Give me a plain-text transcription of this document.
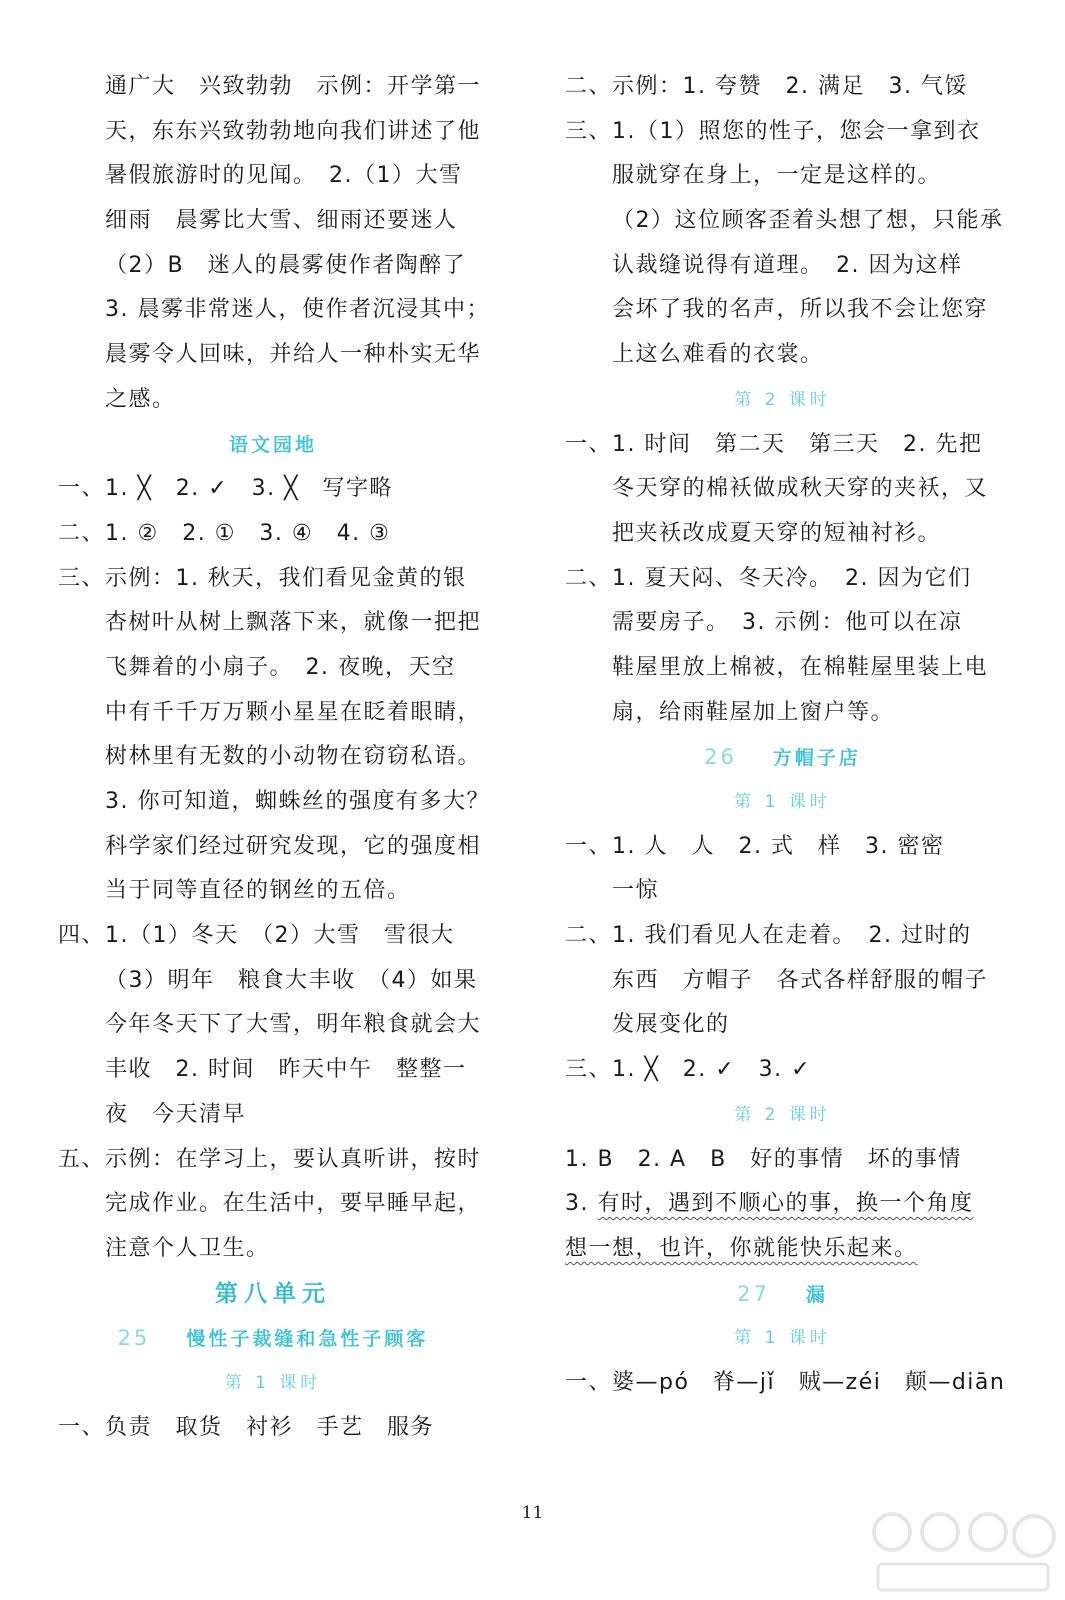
通广大　兴致勃勃　示例：开学第一
天，东东兴致勃勃地向我们讲述了他
暑假旅游时的见闻。　2.（1）大雪
细雨　晨雾比大雪、细雨还要迷人
（2）B　迷人的晨雾使作者陶醉了
3. 晨雾非常迷人，使作者沉浸其中；
晨雾令人回味，并给人一种朴实无华
之感。
语文园地
一、1. ╳　2. ✓　3. ╳　写字略
二、1. ②　2. ①　3. ④　4. ③
三、示例：1. 秋天，我们看见金黄的银
杏树叶从树上飘落下来，就像一把把
飞舞着的小扇子。　2. 夜晚，天空
中有千千万万颗小星星在眨着眼睛，
树林里有无数的小动物在窃窃私语。
3. 你可知道，蜘蛛丝的强度有多大？
科学家们经过研究发现，它的强度相
当于同等直径的钢丝的五倍。
四、1.（1）冬天　（2）大雪　雪很大
（3）明年　粮食大丰收　（4）如果
今年冬天下了大雪，明年粮食就会大
丰收　2. 时间　昨天中午　整整一
夜　今天清早
五、示例：在学习上，要认真听讲，按时
完成作业。在生活中，要早睡早起，
注意个人卫生。
第八单元
25 慢性子裁缝和急性子顾客
第 1 课时
一、负责　取货　衬衫　手艺　服务
二、示例：1. 夸赞　2. 满足　3. 气馁
三、1.（1）照您的性子，您会一拿到衣
服就穿在身上，一定是这样的。
（2）这位顾客歪着头想了想，只能承
认裁缝说得有道理。　2. 因为这样
会坏了我的名声，所以我不会让您穿
上这么难看的衣裳。
第 2 课时
一、1. 时间　第二天　第三天　2. 先把
冬天穿的棉袄做成秋天穿的夹袄，又
把夹袄改成夏天穿的短袖衬衫。
二、1. 夏天闷、冬天冷。　2. 因为它们
需要房子。　3. 示例：他可以在凉
鞋屋里放上棉被，在棉鞋屋里装上电
扇，给雨鞋屋加上窗户等。
26 方帽子店
第 1 课时
一、1. 人　人　2. 式　样　3. 密密
一惊
二、1. 我们看见人在走着。　2. 过时的
东西　方帽子　各式各样舒服的帽子
发展变化的
三、1. ╳　2. ✓　3. ✓
第 2 课时
1. B　2. A　B　好的事情　坏的事情
3. 有时，遇到不顺心的事，换一个角度
想一想，也许，你就能快乐起来。
27 漏
第 1 课时
一、婆—pó　脊—jǐ　贼—zéi　颠—diān
11
